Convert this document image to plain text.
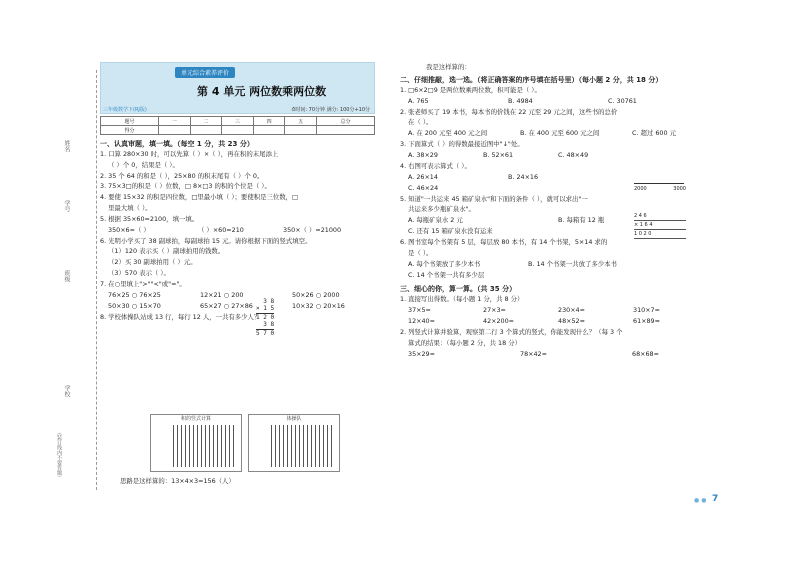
姓名
学号
班级
学校
（装订线内不要答题）
单元综合素养评价
第 4 单元 两位数乘两位数
三年级数学下(RJ版)	⏱时间: 70分钟 满分: 100分+10分
题号	一	二	三	四	五	总分
得分						
一、认真审题，填一填。（每空 1 分，共 23 分）
1. 口算 280×30 时，可以先算（ ）×（ ），再在积的末尾添上
（ ）个 0，结果是（ ）。
2. 35 个 64 的和是（ ），25×80 的积末尾有（ ）个 0。
3. 75×3□的积是（ ）位数，□ 8×□3 的积的个位是（ ）。
4. 要使 15×32 的积是四位数，□里最小填（ ）；要使积是三位数，□
里最大填（ ）。
5. 根据 35×60=2100，填一填。
350×6=（ ）	（ ）×60=210	350×（ ）=21000
6. 光明小学买了 38 副球拍，每副球拍 15 元。请你根据下面的竖式填空。
（1）120 表示买（ ）副球拍用的钱数。
（2）买 30 副球拍用（ ）元。
（3）570 表示（ ）。
7. 在○里填上">""<"或"="。
76×25 ○ 76×25	12×21 ○ 200	50×26 ○ 2000
50×30 ○ 15×70	65×27 ○ 27×86	10×32 ○ 20×16
8. 学校体操队站成 13 行，每行 12 人，一共有多少人？
3 8
× 1 5
1 2 0
3 8
5 7 0
积的竖式计算	体操队
思路是这样算的：13×4×3=156（人）
我是这样算的：
二、仔细推敲，选一选。（将正确答案的序号填在括号里）（每小题 2 分，共 18 分）
1. □6×2□9 是两位数乘两位数，积可能是（ ）。
A. 765	B. 4984	C. 30761
2. 张老师买了 19 本书，每本书的价钱在 22 元至 29 元之间，这些书的总价
在（ ）。
A. 在 200 元至 400 元之间	B. 在 400 元至 600 元之间	C. 超过 600 元
3. 下面算式（ ）的得数最接近图中"↓"处。
A. 38×29	B. 52×61	C. 48×49
4. 右图可表示算式（ ）。
A. 26×14	B. 24×16
C. 46×24
5. 知道"一共运来 45 箱矿泉水"和下面的条件（ ），就可以求出"一
共运来多少瓶矿泉水"。
A. 每瓶矿泉水 2 元	B. 每箱有 12 瓶
C. 还有 15 箱矿泉水没有运来
6. 图书室每个书架有 5 层，每层放 80 本书，有 14 个书架，5×14 求的
是（ ）。
A. 每个书架放了多少本书	B. 14 个书架一共放了多少本书
C. 14 个书架一共有多少层
三、细心的你，算一算。（共 35 分）
1. 直接写出得数。（每小题 1 分，共 8 分）
37×5=	27×3=	230×4=	310×7=
12×40=	42×200=	48×52≈	61×89≈
2. 列竖式计算并验算，观察第二行 3 个算式的竖式，你能发现什么？（每 3 个
算式的结果：（每小题 2 分，共 18 分）
35×29=	78×42=	68×68=
2000	3000
2 4 6
× 1 6 4
1 0 2 0
●● 7
